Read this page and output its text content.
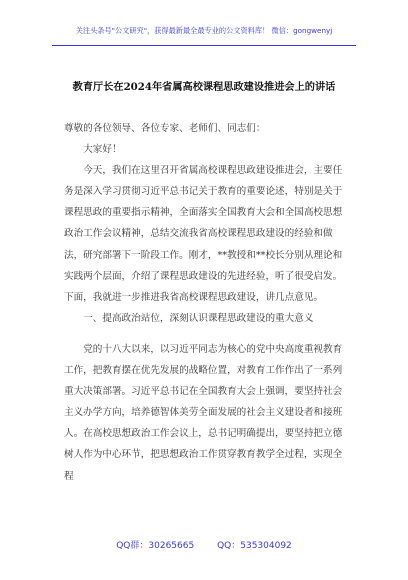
关注头条号"公文研究"，获得最新最全最专业的公文资料库！ 微信：gongwenyj
教育厅长在2024年省属高校课程思政建设推进会上的讲话

尊敬的各位领导、各位专家、老师们、同志们：

大家好！

今天，我们在这里召开省属高校课程思政建设推进会，主要任务是深入学习贯彻习近平总书记关于教育的重要论述，特别是关于课程思政的重要指示精神，全面落实全国教育大会和全国高校思想政治工作会议精神，总结交流我省高校课程思政建设的经验和做法，研究部署下一阶段工作。刚才，**教授和**校长分别从理论和实践两个层面，介绍了课程思政建设的先进经验，听了很受启发。下面，我就进一步推进我省高校课程思政建设，讲几点意见。

一、提高政治站位，深刻认识课程思政建设的重大意义

党的十八大以来，以习近平同志为核心的党中央高度重视教育工作，把教育摆在优先发展的战略位置，对教育工作作出了一系列重大决策部署。习近平总书记在全国教育大会上强调，要坚持社会主义办学方向，培养德智体美劳全面发展的社会主义建设者和接班人。在高校思想政治工作会议上，总书记明确提出，要坚持把立德树人作为中心环节，把思想政治工作贯穿教育教学全过程，实现全程

QQ群：30265665	QQ：535304092
